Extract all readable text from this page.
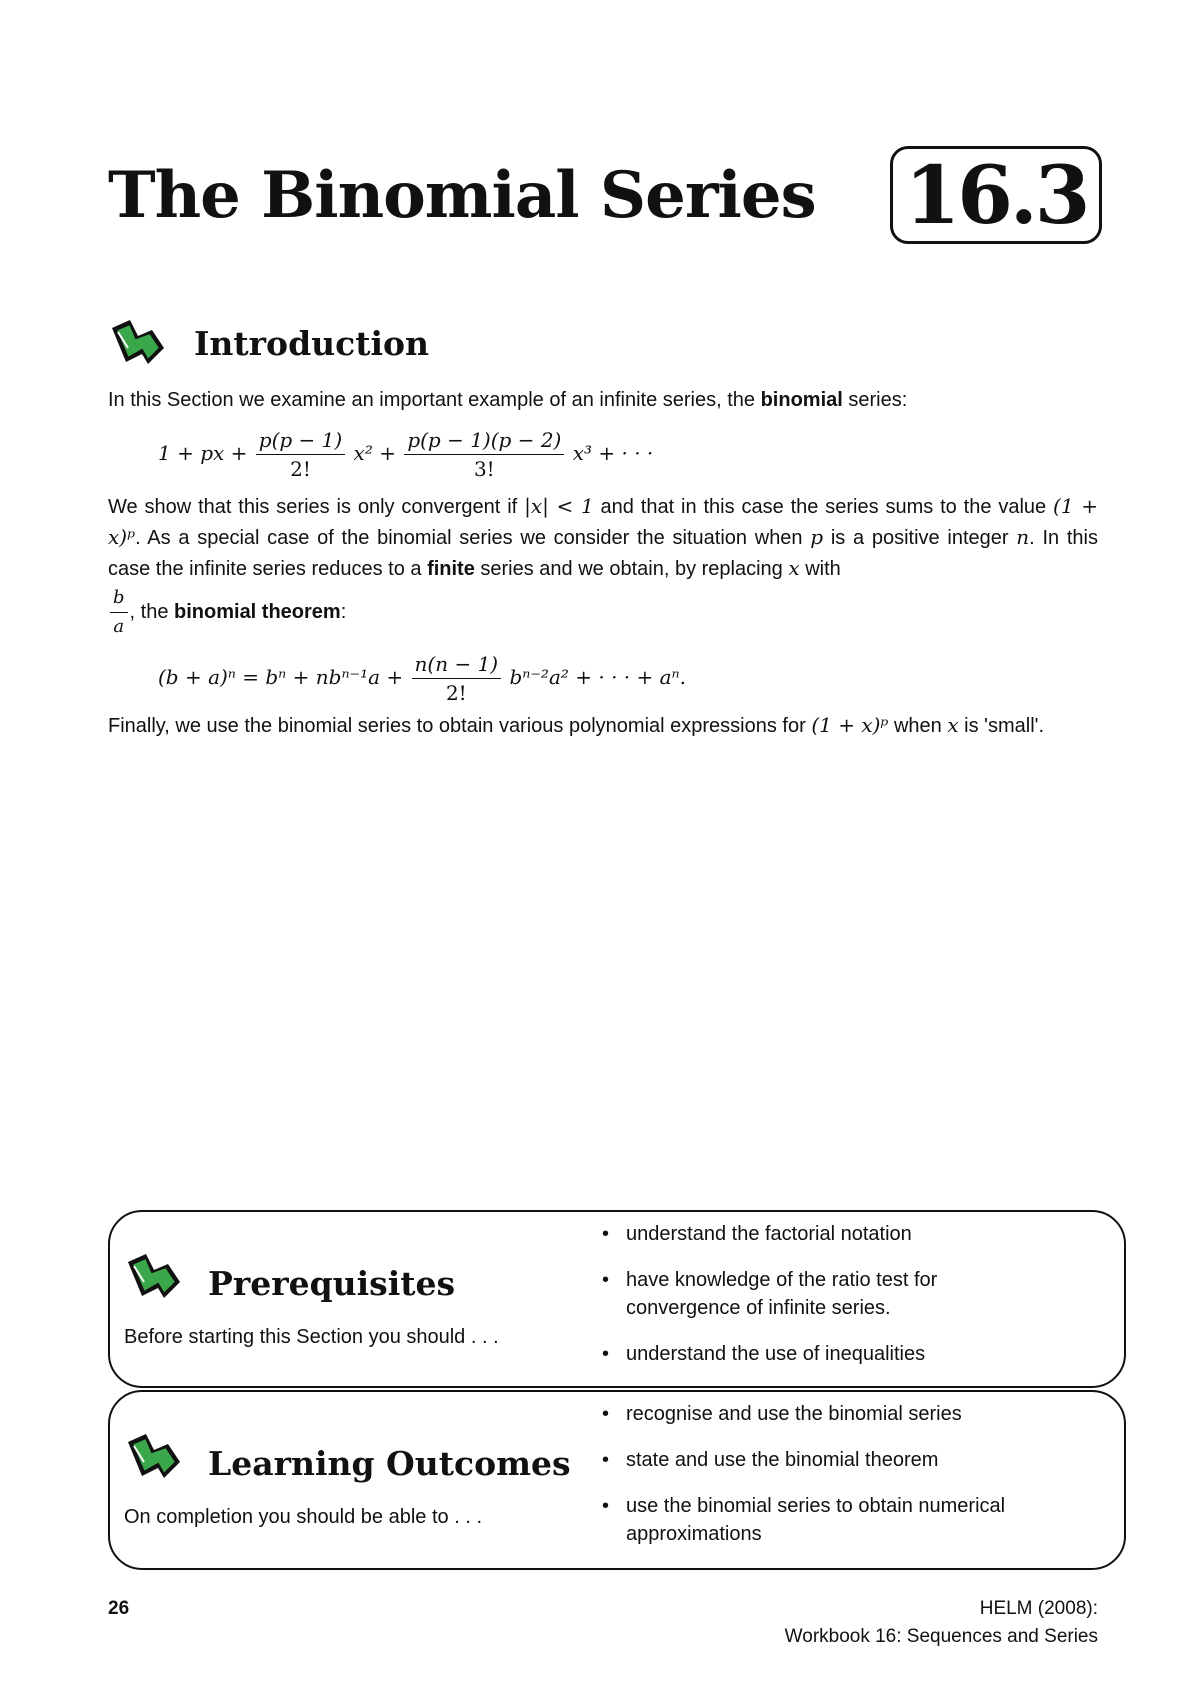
The Binomial Series 16.3
Introduction
In this Section we examine an important example of an infinite series, the binomial series:
1 + px + $\frac{p(p - 1)}{2!} x^2 + \frac{p(p - 1)(p - 2)}{3!} x^3$ + · · ·
We show that this series is only convergent if |x| < 1 and that in this case the series sums to the value (1 + x)ᵖ. As a special case of the binomial series we consider the situation when p is a positive integer n. In this case the infinite series reduces to a finite series and we obtain, by replacing x with

$\frac{b}{a}$ , the binomial theorem:
$(b + a)^n = b^n + nb^{n-1}a + \frac{n(n - 1)}{2!} b^{n-2}a^2$ + · · · + aⁿ.
Finally, we use the binomial series to obtain various polynomial expressions for (1 + x)ᵖ when x is 'small'.
Prerequisites
Before starting this Section you should . . .
• understand the factorial notation
• have knowledge of the ratio test for convergence of infinite series.
• understand the use of inequalities
Learning Outcomes
On completion you should be able to . . .
• recognise and use the binomial series
• state and use the binomial theorem
• use the binomial series to obtain numerical approximations
26	HELM (2008):
Workbook 16: Sequences and Series
